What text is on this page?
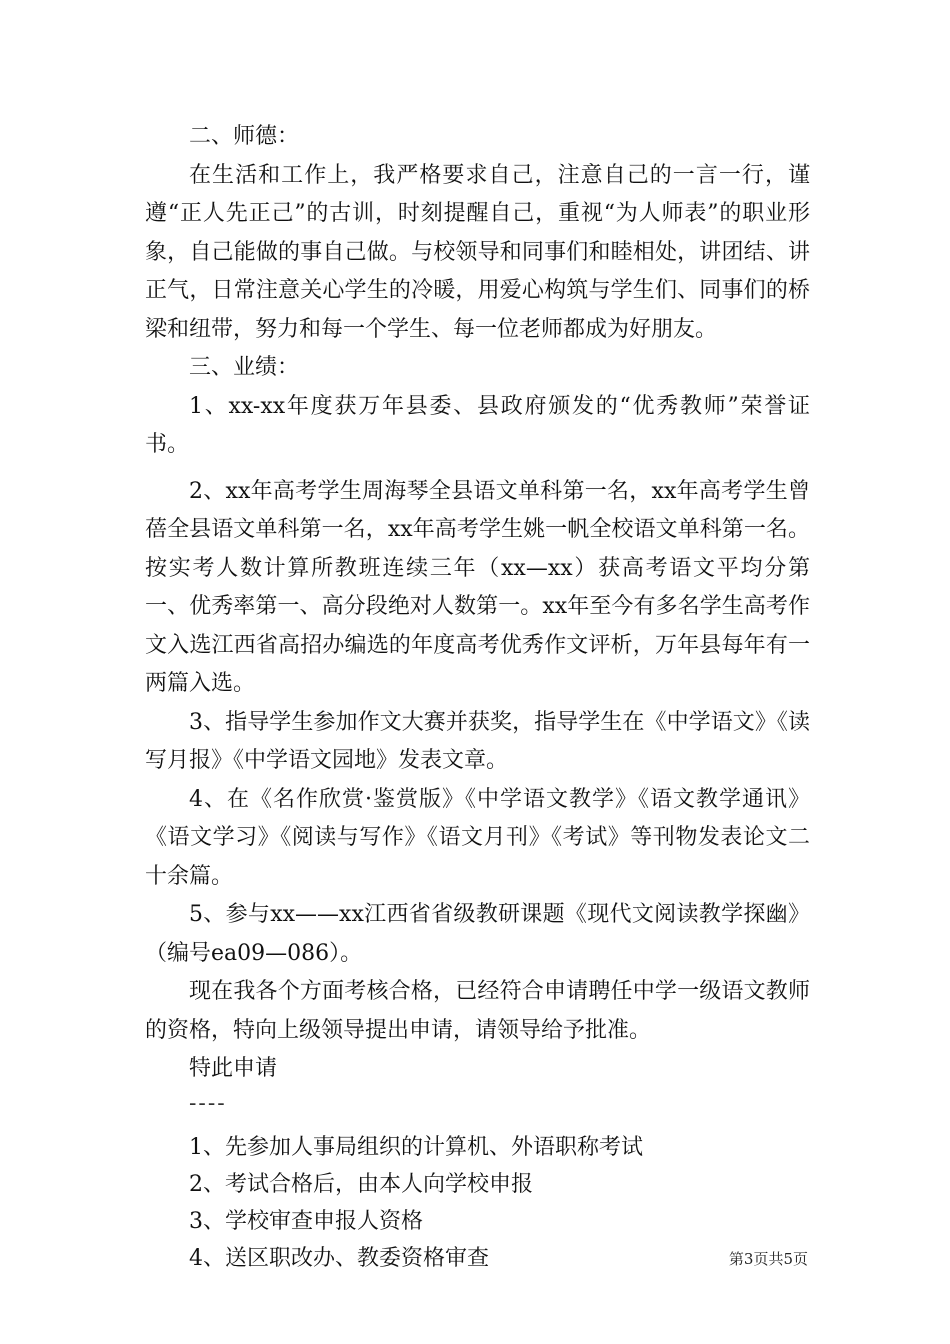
二、师德：

在生活和工作上，我严格要求自己，注意自己的一言一行，谨遵“正人先正己”的古训，时刻提醒自己，重视“为人师表”的职业形象，自己能做的事自己做。与校领导和同事们和睦相处，讲团结、讲正气，日常注意关心学生的冷暖，用爱心构筑与学生们、同事们的桥梁和纽带，努力和每一个学生、每一位老师都成为好朋友。

三、业绩：

1、xx-xx年度获万年县委、县政府颁发的“优秀教师”荣誉证书。

2、xx年高考学生周海琴全县语文单科第一名，xx年高考学生曾蓓全县语文单科第一名，xx年高考学生姚一帆全校语文单科第一名。按实考人数计算所教班连续三年（xx—xx）获高考语文平均分第一、优秀率第一、高分段绝对人数第一。xx年至今有多名学生高考作文入选江西省高招办编选的年度高考优秀作文评析，万年县每年有一两篇入选。

3、指导学生参加作文大赛并获奖，指导学生在《中学语文》《读写月报》《中学语文园地》发表文章。

4、在《名作欣赏·鉴赏版》《中学语文教学》《语文教学通讯》《语文学习》《阅读与写作》《语文月刊》《考试》等刊物发表论文二十余篇。

5、参与xx——xx江西省省级教研课题《现代文阅读教学探幽》（编号ea09—086）。

现在我各个方面考核合格，已经符合申请聘任中学一级语文教师的资格，特向上级领导提出申请，请领导给予批准。

特此申请

----

1、先参加人事局组织的计算机、外语职称考试

2、考试合格后，由本人向学校申报

3、学校审查申报人资格

4、送区职改办、教委资格审查	第3页共5页
